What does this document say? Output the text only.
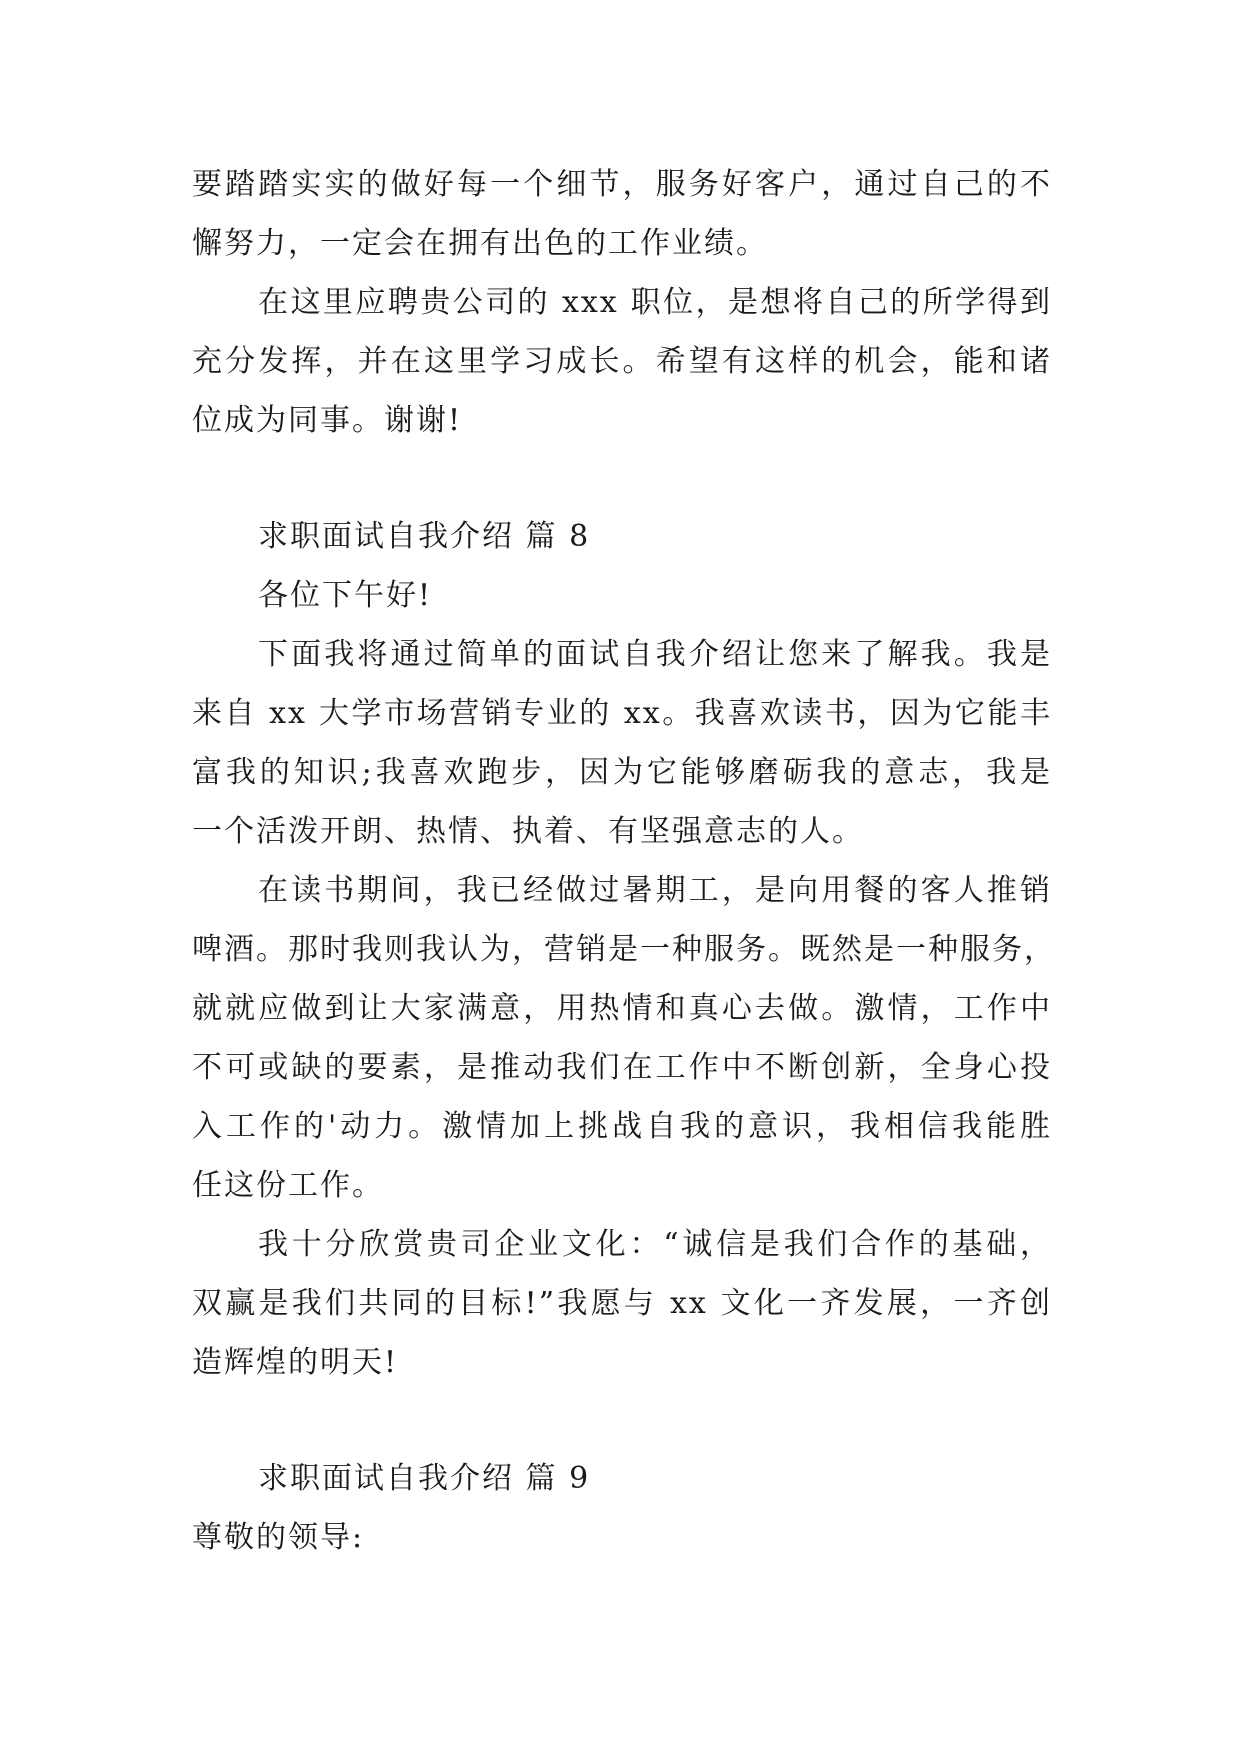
要踏踏实实的做好每一个细节，服务好客户，通过自己的不
懈努力，一定会在拥有出色的工作业绩。
在这里应聘贵公司的 xxx 职位，是想将自己的所学得到
充分发挥，并在这里学习成长。希望有这样的机会，能和诸
位成为同事。谢谢!
求职面试自我介绍 篇 8
各位下午好!
下面我将通过简单的面试自我介绍让您来了解我。我是
来自 xx 大学市场营销专业的 xx。我喜欢读书，因为它能丰
富我的知识;我喜欢跑步，因为它能够磨砺我的意志，我是
一个活泼开朗、热情、执着、有坚强意志的人。
在读书期间，我已经做过暑期工，是向用餐的客人推销
啤酒。那时我则我认为，营销是一种服务。既然是一种服务，
就就应做到让大家满意，用热情和真心去做。激情，工作中
不可或缺的要素，是推动我们在工作中不断创新，全身心投
入工作的'动力。激情加上挑战自我的意识，我相信我能胜
任这份工作。
我十分欣赏贵司企业文化：“诚信是我们合作的基础，
双赢是我们共同的目标!”我愿与 xx 文化一齐发展，一齐创
造辉煌的明天!
求职面试自我介绍 篇 9
尊敬的领导:
